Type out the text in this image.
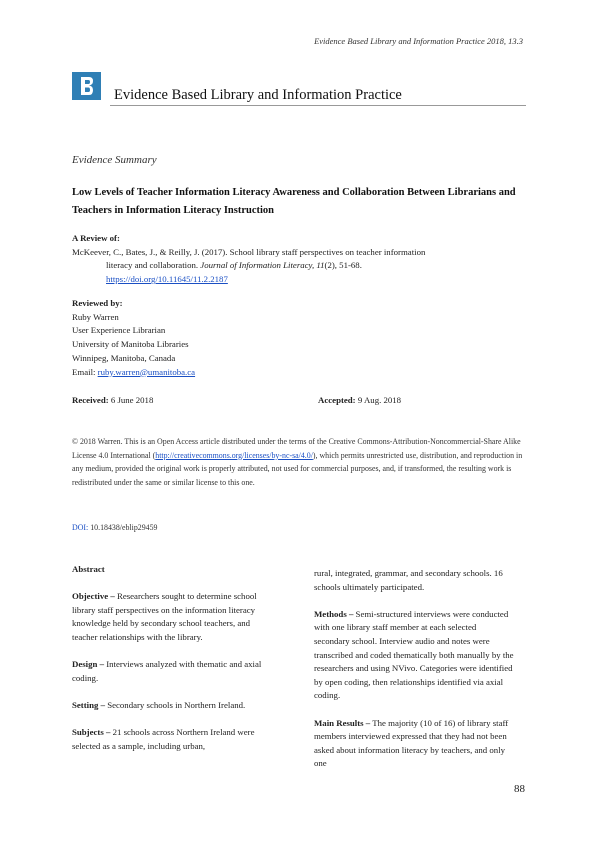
Evidence Based Library and Information Practice 2018, 13.3
Evidence Based Library and Information Practice
Evidence Summary
Low Levels of Teacher Information Literacy Awareness and Collaboration Between Librarians and Teachers in Information Literacy Instruction
A Review of:
McKeever, C., Bates, J., & Reilly, J. (2017). School library staff perspectives on teacher information
literacy and collaboration. Journal of Information Literacy, 11(2), 51-68.
https://doi.org/10.11645/11.2.2187
Reviewed by:
Ruby Warren
User Experience Librarian
University of Manitoba Libraries
Winnipeg, Manitoba, Canada
Email: ruby.warren@umanitoba.ca
Received: 6 June 2018	Accepted: 9 Aug. 2018
© 2018 Warren. This is an Open Access article distributed under the terms of the Creative Commons‐Attribution‐Noncommercial‐Share Alike License 4.0 International (http://creativecommons.org/licenses/by-nc-sa/4.0/), which permits unrestricted use, distribution, and reproduction in any medium, provided the original work is properly attributed, not used for commercial purposes, and, if transformed, the resulting work is redistributed under the same or similar license to this one.
DOI: 10.18438/eblip29459

Abstract

Objective – Researchers sought to determine school library staff perspectives on the information literacy knowledge held by secondary school teachers, and teacher relationships with the library.

Design – Interviews analyzed with thematic and axial coding.

Setting – Secondary schools in Northern Ireland.

Subjects – 21 schools across Northern Ireland were selected as a sample, including urban,

rural, integrated, grammar, and secondary schools. 16 schools ultimately participated.

Methods – Semi-structured interviews were conducted with one library staff member at each selected secondary school. Interview audio and notes were transcribed and coded thematically both manually by the researchers and using NVivo. Categories were identified by open coding, then relationships identified via axial coding.

Main Results – The majority (10 of 16) of library staff members interviewed expressed that they had not been asked about information literacy by teachers, and only one

88
